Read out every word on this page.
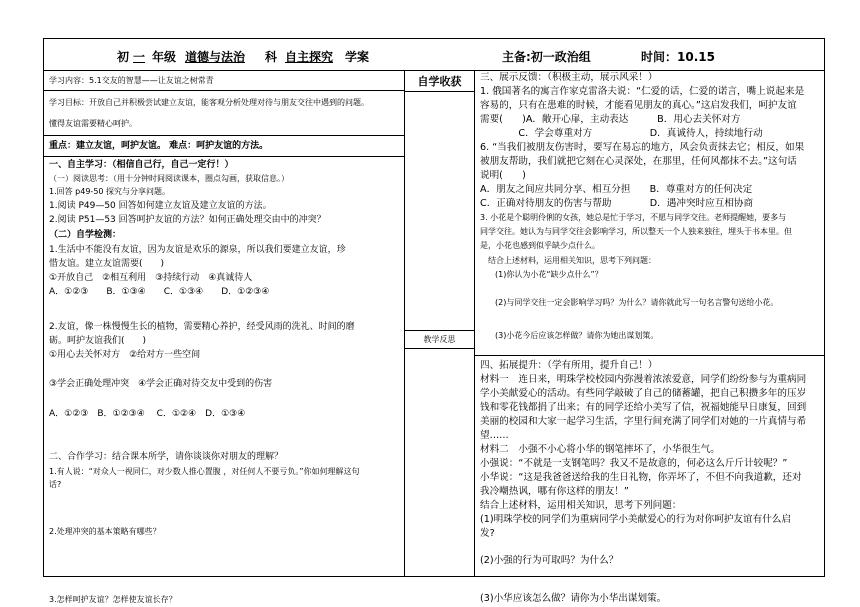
初 一 年级 道德与法治 科 自主探究 学案	主备:初一政治组	时间：10.15
学习内容：5.1交友的智慧——让友谊之树常青
学习目标：开放自己并积极尝试建立友谊，能客观分析处理对待与朋友交往中遇到的问题。
懂得友谊需要精心呵护。
重点：建立友谊，呵护友谊。 难点：呵护友谊的方法。
一、自主学习：（相信自己行，自己一定行！）
（一）阅读思考：（用十分钟时间阅读课本，圈点勾画，获取信息。）
1.回答 p49-50 探究与分享问题。
1.阅读 P49—50 回答如何建立友谊及建立友谊的方法。
2.阅读 P51—53 回答呵护友谊的方法？如何正确处理交由中的冲突？
（二）自学检测：
1.生活中不能没有友谊，因为友谊是欢乐的源泉，所以我们要建立友谊，珍
惜友谊。建立友谊需要(　　)
①开放自己　②相互利用　③持续行动　④真诚待人
A．①②③　　B．①③④　　C．①③④　　D．①②③④
2.友谊，像一株慢慢生长的植物，需要精心养护，经受风雨的洗礼、时间的磨
砺。呵护友谊我们(　　)
①用心去关怀对方　②给对方一些空间
③学会正确处理冲突　④学会正确对待交友中受到的伤害
A．①②③　B．①②③④　 C．①②④　D．①③④
二、合作学习：结合课本所学，请你谈谈你对朋友的理解？
1.有人说：“对众人一视同仁，对少数人推心置腹 ，对任何人不要亏负。”你如何理解这句
话?
2.处理冲突的基本策略有哪些？
3.怎样呵护友谊？怎样使友谊长存？
自学收获
教学反思
三、展示反馈：（积极主动，展示风采！）
1. 俄国著名的寓言作家克雷洛夫说：“仁爱的话，仁爱的诺言，嘴上说起来是
容易的，只有在患难的时候，才能看见朋友的真心。”这启发我们，呵护友谊
需要(　　)A．敞开心扉，主动表达　　　B．用心去关怀对方
　　　　C．学会尊重对方　　　　　　D．真诚待人，持续地行动
6. “当我们被朋友伤害时，要写在易忘的地方，风会负责抹去它；相反，如果
被朋友帮助，我们就把它刻在心灵深处，在那里，任何风都抹不去。”这句话
说明(　　)
A．朋友之间应共同分享、相互分担　　B．尊重对方的任何决定
C．正确对待朋友的伤害与帮助　　　　D．遇冲突时应互相协商
3. 小花是个聪明伶俐的女孩，她总是忙于学习，不愿与同学交往。老师提醒她，要多与
同学交往。她认为与同学交往会影响学习，所以整天一个人独来独往，埋头于书本里。但
是，小花也感到似乎缺少点什么。
结合上述材料，运用相关知识，思考下列问题：
(1)你认为小花“缺少点什么”？
(2)与同学交往一定会影响学习吗？为什么？请你就此写一句名言警句送给小花。
(3)小花今后应该怎样做？请你为她出谋划策。
四、拓展提升：（学有所用，提升自己！）
材料一　连日来，明珠学校校园内弥漫着浓浓爱意，同学们纷纷参与为重病同
学小美献爱心的活动。有些同学敲破了自己的储蓄罐，把自己积攒多年的压岁
钱和零花钱都捐了出来；有的同学还给小美写了信，祝福她能早日康复，回到
美丽的校园和大家一起学习生活，字里行间充满了同学们对她的一片真情与希
望……
材料二　小强不小心将小华的钢笔摔坏了，小华很生气。
小强说：“不就是一支钢笔吗？我又不是故意的，何必这么斤斤计较呢？”
小华说：“这是我爸爸送给我的生日礼物，你弄坏了，不但不向我道歉，还对
我冷嘲热讽，哪有你这样的朋友！”
结合上述材料，运用相关知识，思考下列问题：
(1)明珠学校的同学们为重病同学小美献爱心的行为对你呵护友谊有什么启
发?
(2)小强的行为可取吗？为什么？
(3)小华应该怎么做？请你为小华出谋划策。
